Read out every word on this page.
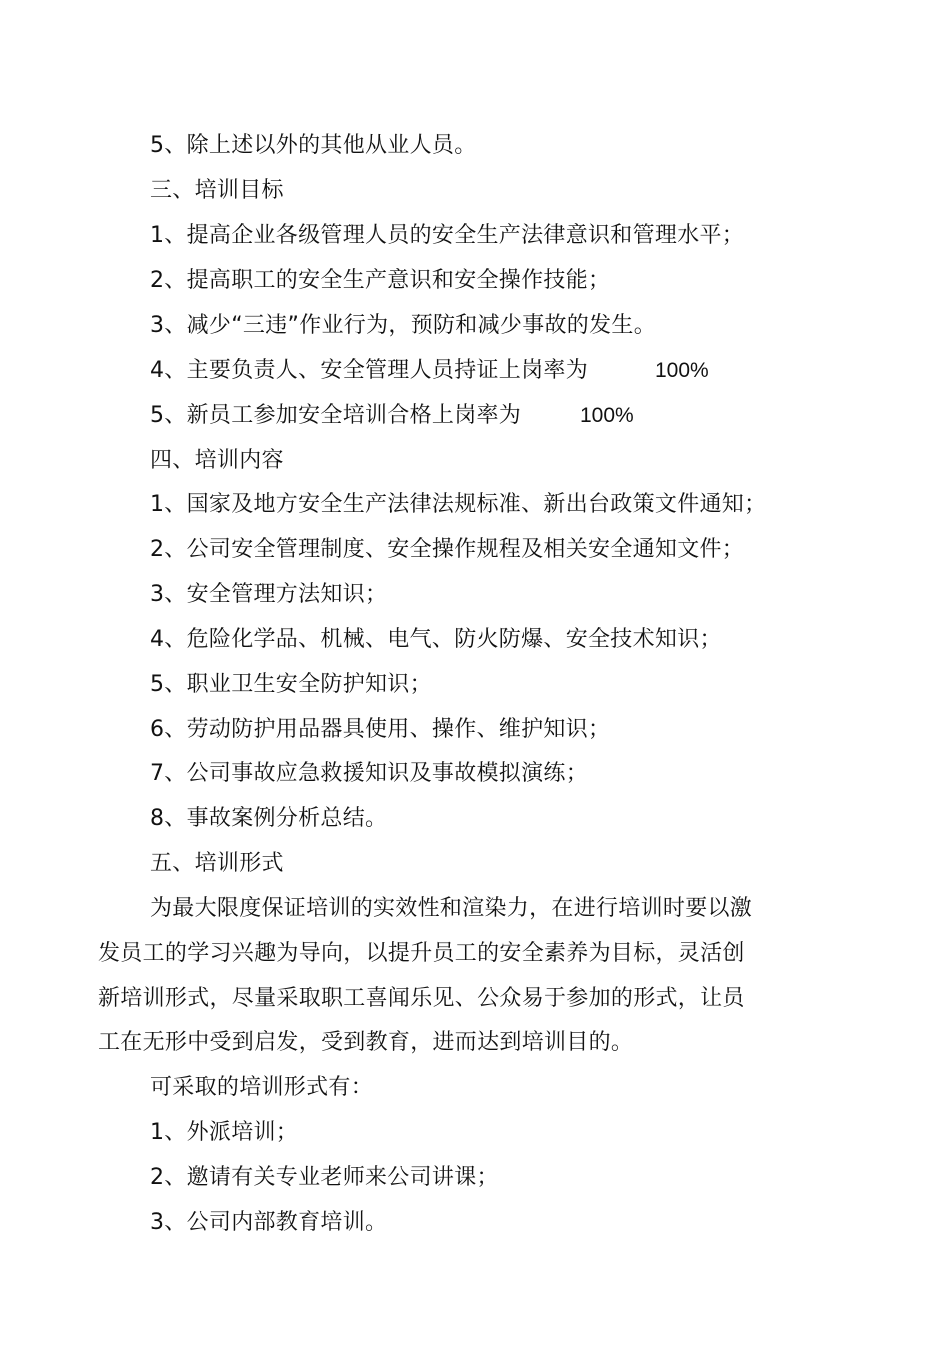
5、除上述以外的其他从业人员。
三、培训目标
1、提高企业各级管理人员的安全生产法律意识和管理水平；
2、提高职工的安全生产意识和安全操作技能；
3、减少“三违”作业行为，预防和减少事故的发生。
4、主要负责人、安全管理人员持证上岗率为	100%
5、新员工参加安全培训合格上岗率为	100%
四、培训内容
1、国家及地方安全生产法律法规标准、新出台政策文件通知；
2、公司安全管理制度、安全操作规程及相关安全通知文件；
3、安全管理方法知识；
4、危险化学品、机械、电气、防火防爆、安全技术知识；
5、职业卫生安全防护知识；
6、劳动防护用品器具使用、操作、维护知识；
7、公司事故应急救援知识及事故模拟演练；
8、事故案例分析总结。
五、培训形式
为最大限度保证培训的实效性和渲染力，在进行培训时要以激
发员工的学习兴趣为导向，以提升员工的安全素养为目标，灵活创
新培训形式，尽量采取职工喜闻乐见、公众易于参加的形式，让员
工在无形中受到启发，受到教育，进而达到培训目的。
可采取的培训形式有：
1、外派培训；
2、邀请有关专业老师来公司讲课；
3、公司内部教育培训。
